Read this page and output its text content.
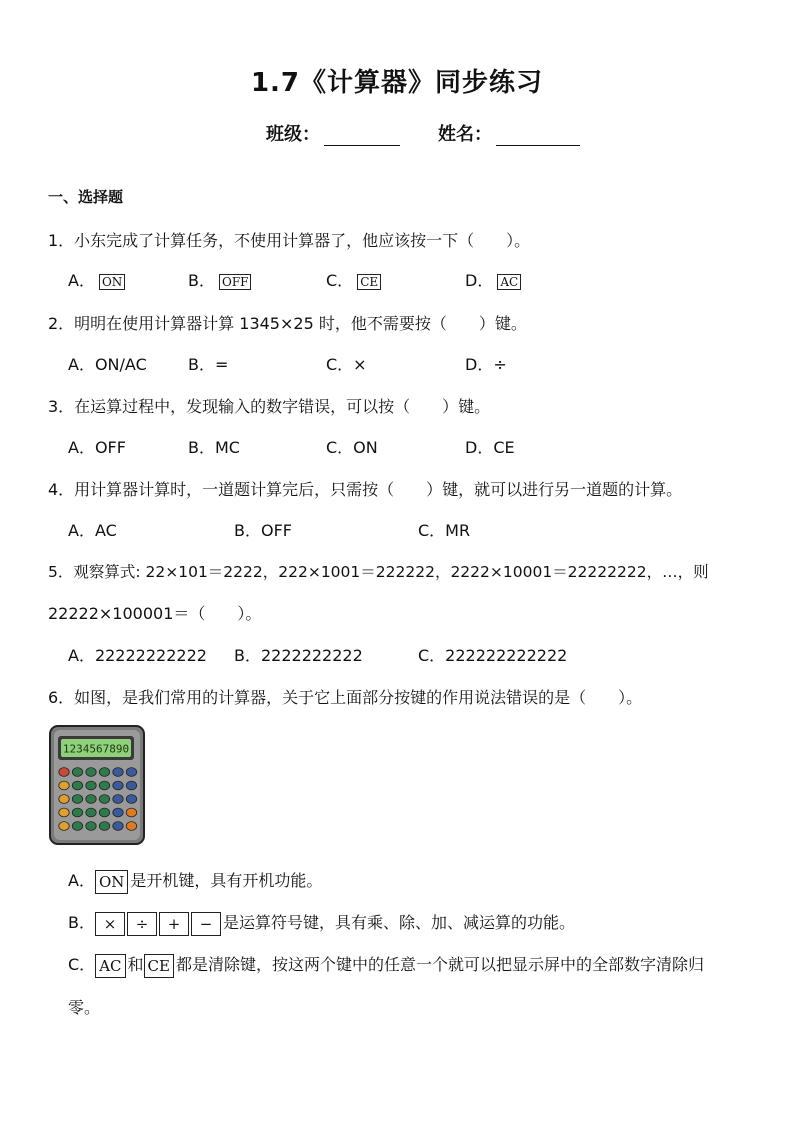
1.7《计算器》同步练习
班级：	姓名：
一、选择题
1．小东完成了计算任务，不使用计算器了，他应该按一下（　　）。
A． ON	B． OFF	C． CE	D． AC
2．明明在使用计算器计算 1345×25 时，他不需要按（　　）键。
A．ON/AC	B．=	C．×	D．÷
3．在运算过程中，发现输入的数字错误，可以按（　　）键。
A．OFF	B．MC	C．ON	D．CE
4．用计算器计算时，一道题计算完后，只需按（　　）键，就可以进行另一道题的计算。
A．AC	B．OFF	C．MR
5．观察算式: 22×101＝2222，222×1001＝222222，2222×10001＝22222222，…，则
22222×100001＝（　　）。
A．22222222222 B．2222222222	C．222222222222
6．如图，是我们常用的计算器，关于它上面部分按键的作用说法错误的是（　　）。
1234567890
A． ON 是开机键，具有开机功能。
B． × ÷ + − 是运算符号键，具有乘、除、加、减运算的功能。
C． AC 和 CE 都是清除键，按这两个键中的任意一个就可以把显示屏中的全部数字清除归
零。
